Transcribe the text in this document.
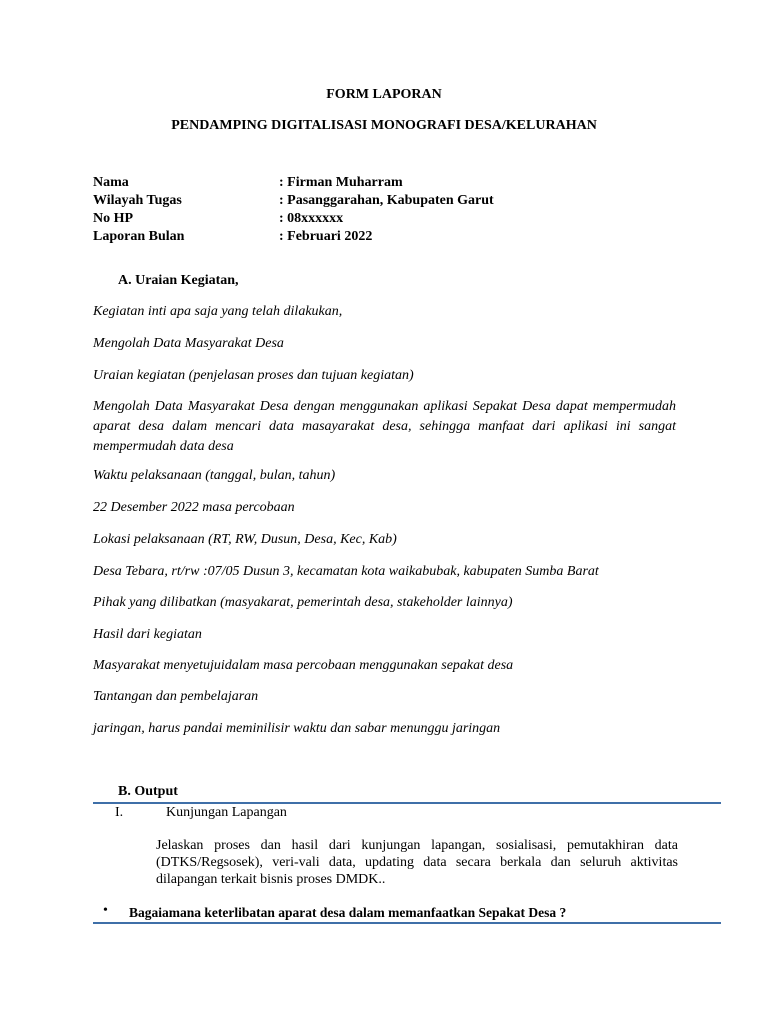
FORM LAPORAN
PENDAMPING DIGITALISASI MONOGRAFI DESA/KELURAHAN
Nama	: Firman Muharram
Wilayah Tugas	: Pasanggarahan, Kabupaten Garut
No HP	: 08xxxxxx
Laporan Bulan	: Februari 2022
A. Uraian Kegiatan,
Kegiatan inti apa saja yang telah dilakukan,
Mengolah Data Masyarakat Desa
Uraian kegiatan (penjelasan proses dan tujuan kegiatan)
Mengolah Data Masyarakat Desa dengan menggunakan aplikasi Sepakat Desa dapat mempermudah aparat desa dalam mencari data masayarakat desa, sehingga manfaat dari aplikasi ini sangat mempermudah data desa
Waktu pelaksanaan (tanggal, bulan, tahun)
22 Desember 2022 masa percobaan
Lokasi pelaksanaan (RT, RW, Dusun, Desa, Kec, Kab)
Desa Tebara, rt/rw :07/05 Dusun 3, kecamatan kota waikabubak, kabupaten Sumba Barat
Pihak yang dilibatkan (masyakarat, pemerintah desa, stakeholder lainnya)
Hasil dari kegiatan
Masyarakat menyetujuidalam masa percobaan menggunakan sepakat desa
Tantangan dan pembelajaran
jaringan, harus pandai meminilisir waktu dan sabar menunggu jaringan
B. Output
I.	Kunjungan Lapangan
Jelaskan proses dan hasil dari kunjungan lapangan, sosialisasi, pemutakhiran data (DTKS/Regsosek), veri-vali data, updating data secara berkala dan seluruh aktivitas dilapangan terkait bisnis proses DMDK..
• Bagaiamana keterlibatan aparat desa dalam memanfaatkan Sepakat Desa ?
